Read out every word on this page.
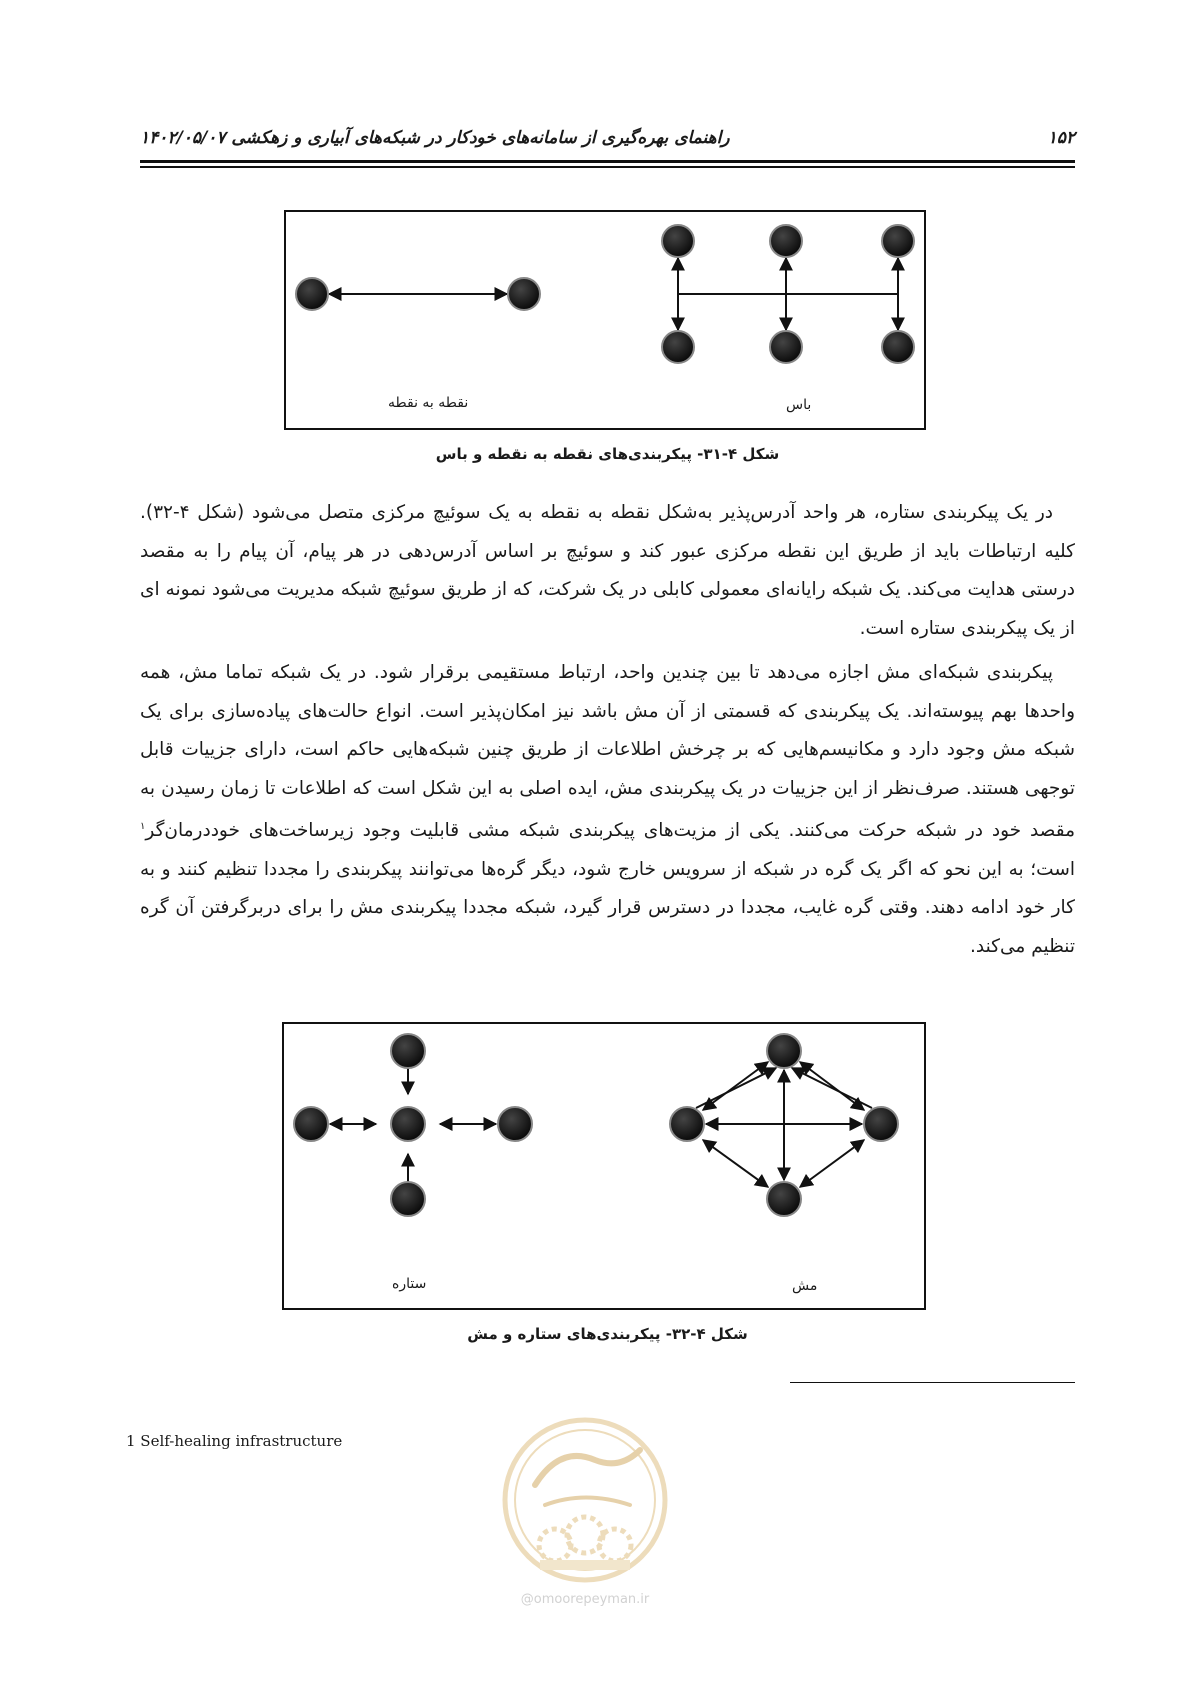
۱۵۲
راهنمای بهره‌گیری از سامانه‌های خودکار در شبکه‌های آبیاری و زهکشی ۱۴۰۲/۰۵/۰۷
نقطه به نقطه	باس
شکل ۴-۳۱- پیکربندی‌های نقطه به نقطه و باس

در یک پیکربندی ستاره، هر واحد آدرس‌پذیر به‌شکل نقطه به نقطه به یک سوئیچ مرکزی متصل می‌شود (شکل ۴-۳۲). کلیه ارتباطات باید از طریق این نقطه مرکزی عبور کند و سوئیچ بر اساس آدرس‌دهی در هر پیام، آن پیام را به مقصد درستی هدایت می‌کند. یک شبکه رایانه‌ای معمولی کابلی در یک شرکت، که از طریق سوئیچ شبکه مدیریت می‌شود نمونه ای از یک پیکربندی ستاره است.

پیکربندی شبکه‌ای مش اجازه می‌دهد تا بین چندین واحد، ارتباط مستقیمی برقرار شود. در یک شبکه تماما مش، همه واحدها بهم پیوسته‌اند. یک پیکربندی که قسمتی از آن مش باشد نیز امکان‌پذیر است. انواع حالت‌های پیاده‌سازی برای یک شبکه مش وجود دارد و مکانیسم‌هایی که بر چرخش اطلاعات از طریق چنین شبکه‌هایی حاکم است، دارای جزییات قابل توجهی هستند. صرف‌نظر از این جزییات در یک پیکربندی مش، ایده اصلی به این شکل است که اطلاعات تا زمان رسیدن به مقصد خود در شبکه حرکت می‌کنند. یکی از مزیت‌های پیکربندی شبکه مشی قابلیت وجود زیرساخت‌های خوددرمان‌گر$^۱$ است؛ به این نحو که اگر یک گره در شبکه از سرویس خارج شود، دیگر گره‌ها می‌توانند پیکربندی را مجددا تنظیم کنند و به کار خود ادامه دهند. وقتی گره غایب، مجددا در دسترس قرار گیرد، شبکه مجددا پیکربندی مش را برای دربرگرفتن آن گره تنظیم می‌کند.

ستاره	مش
شکل ۴-۳۲- پیکربندی‌های ستاره و مش
1 Self-healing infrastructure
@omoorepeyman.ir
